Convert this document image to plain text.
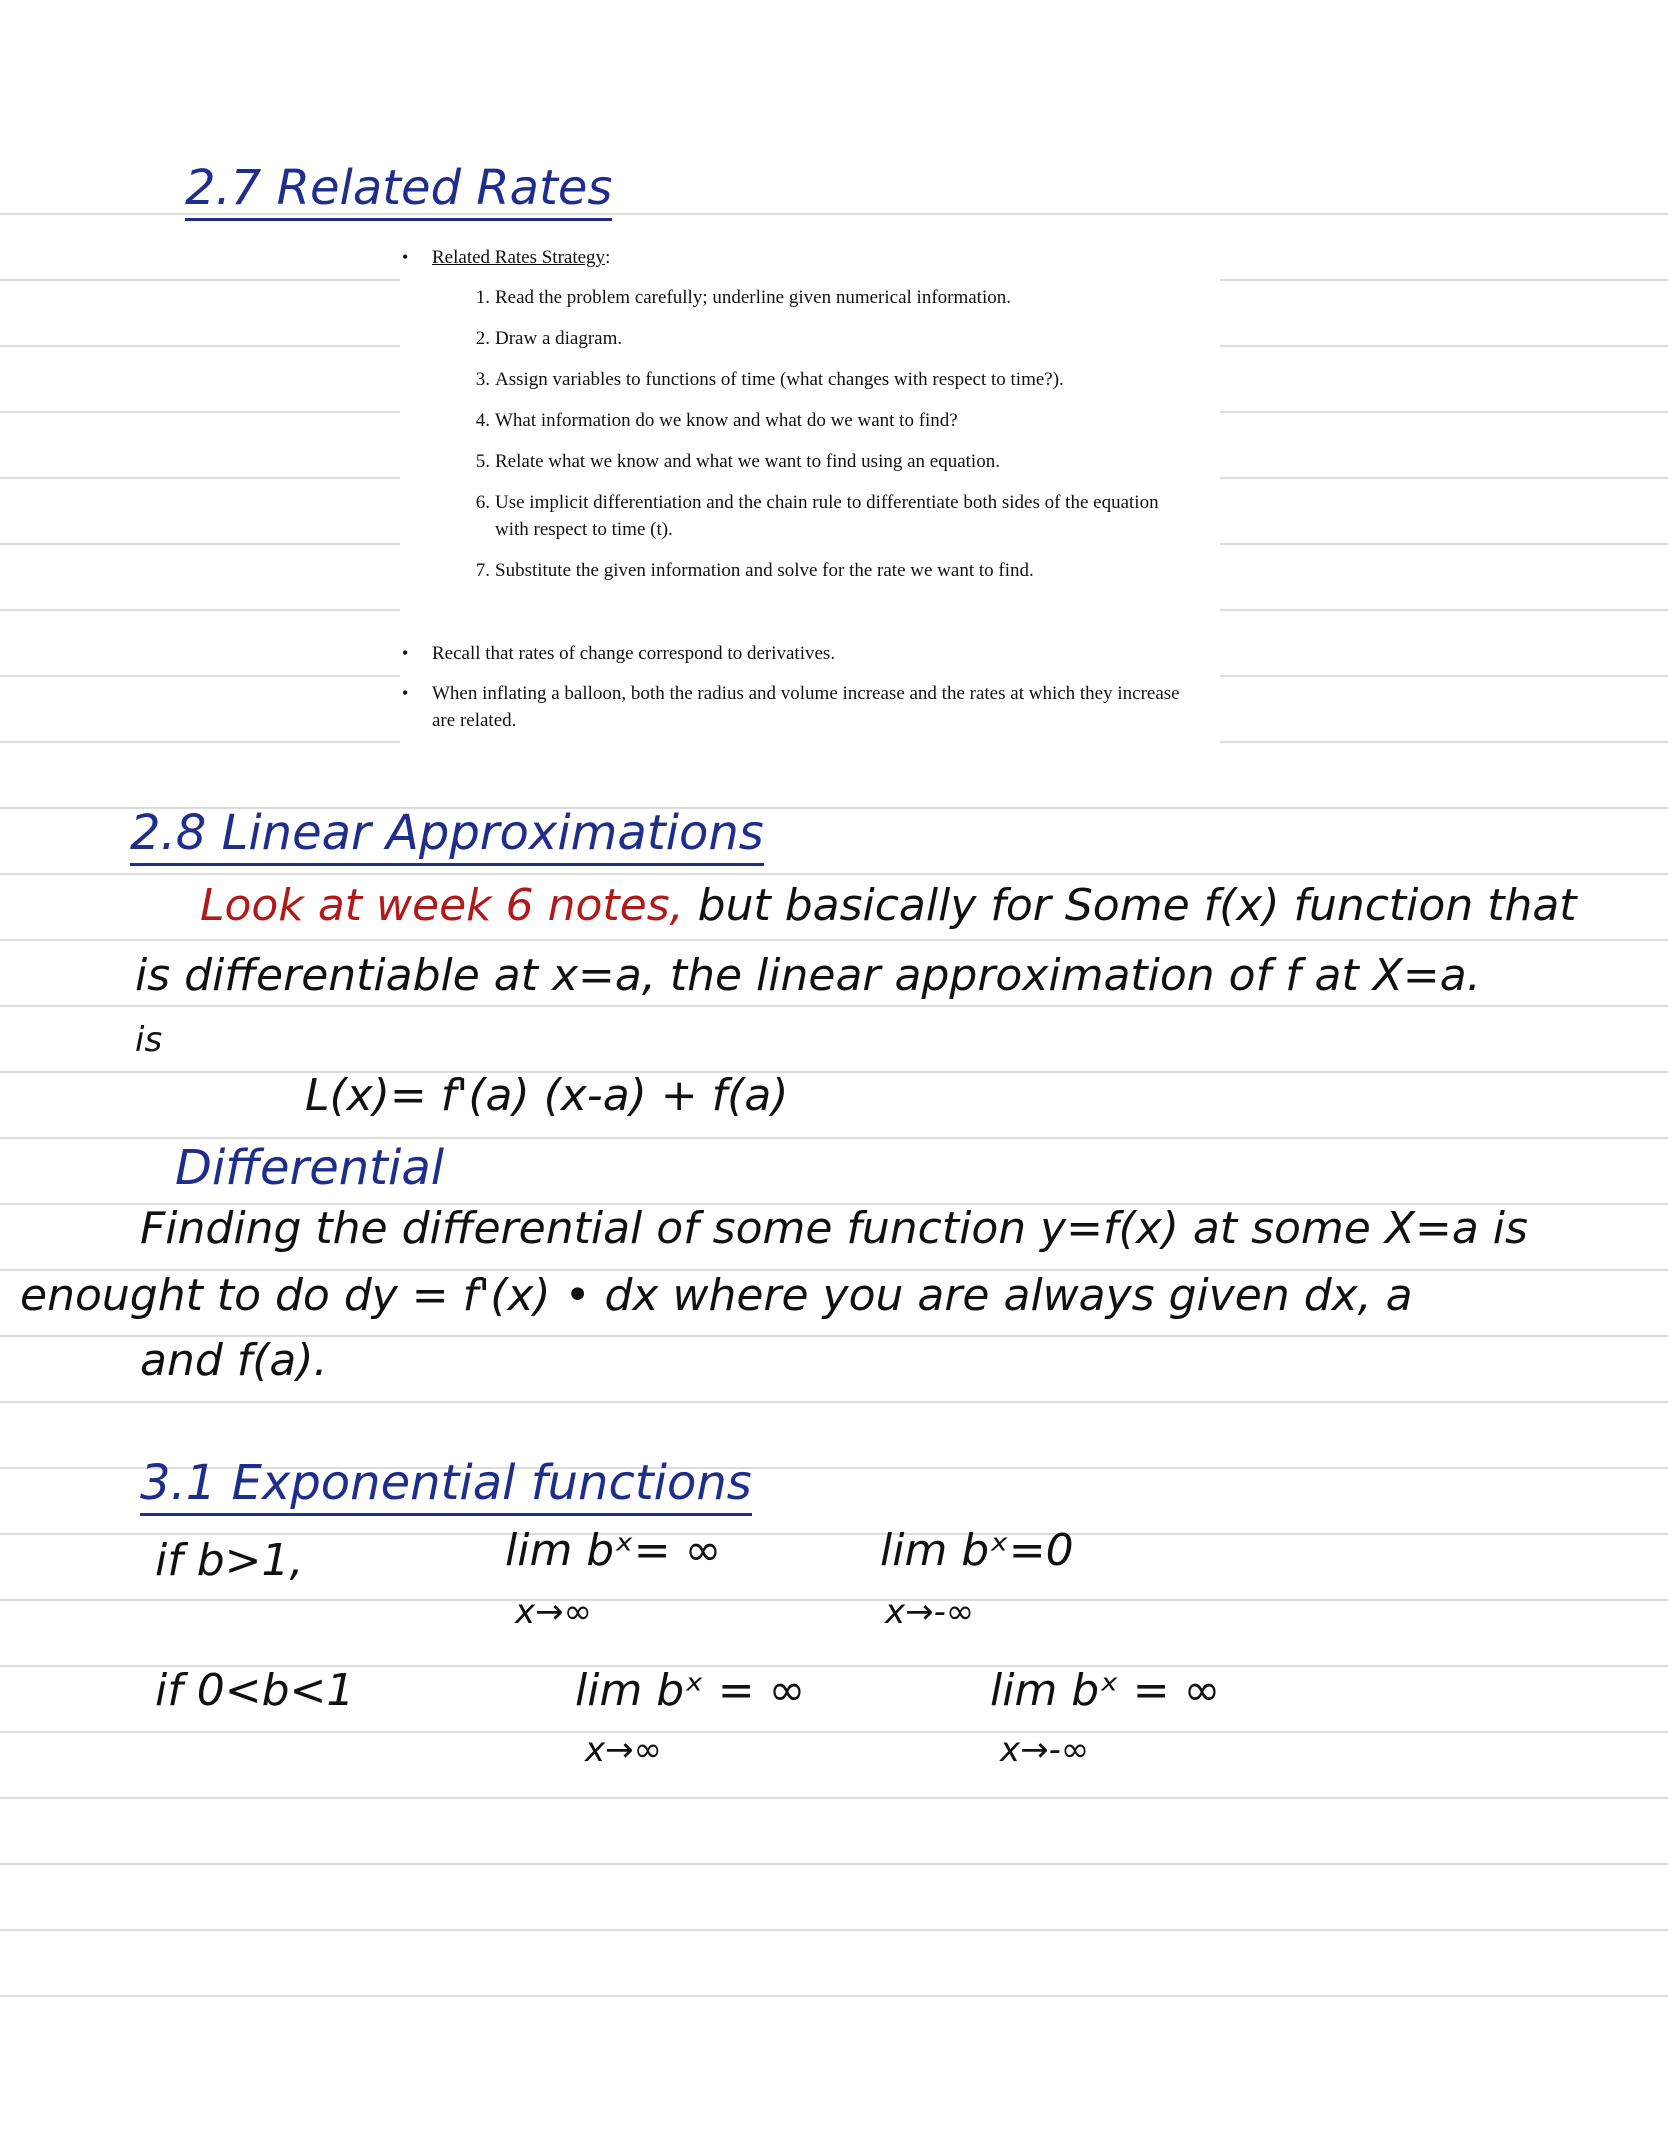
2.7 Related Rates
• Related Rates Strategy:
1. Read the problem carefully; underline given numerical information.
2. Draw a diagram.
3. Assign variables to functions of time (what changes with respect to time?).
4. What information do we know and what do we want to find?
5. Relate what we know and what we want to find using an equation.
6. Use implicit differentiation and the chain rule to differentiate both sides of the equation with respect to time (t).
7. Substitute the given information and solve for the rate we want to find.
• Recall that rates of change correspond to derivatives.
• When inflating a balloon, both the radius and volume increase and the rates at which they increase are related.
2.8 Linear Approximations
Look at week 6 notes, but basically for Some f(x) function that
is differentiable at x=a, the linear approximation of f at X=a.
is
L(x)= f'(a) (x-a) + f(a)
Differential
Finding the differential of some function y=f(x) at some X=a is
enought to do dy = f'(x) • dx where you are always given dx, a
and f(a).
3.1 Exponential functions
if b>1,	lim bˣ= ∞
x→∞
lim bˣ=0
x→-∞
if 0<b<1	lim bˣ = ∞
x→∞
lim bˣ = ∞
x→-∞
